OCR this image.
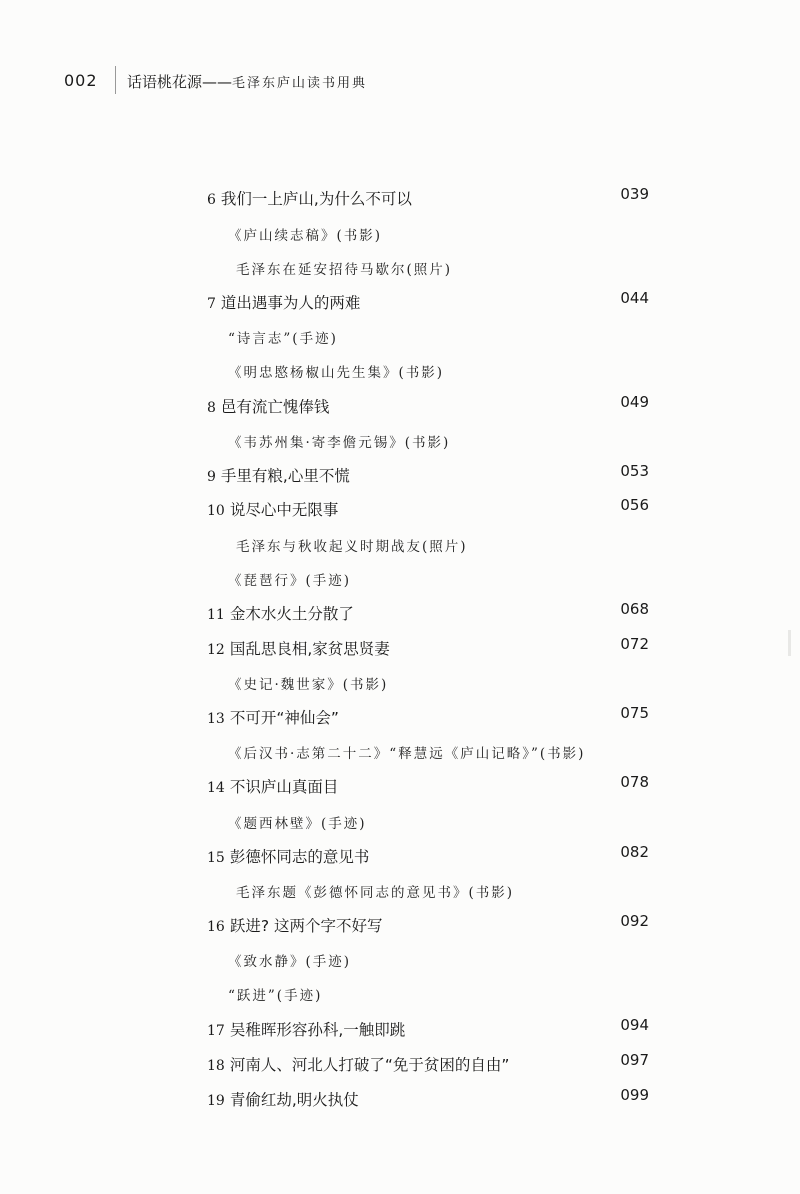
002 话语桃花源——毛泽东庐山读书用典
6 我们一上庐山,为什么不可以	039
《庐山续志稿》(书影)
毛泽东在延安招待马歇尔(照片)
7 道出遇事为人的两难	044
“诗言志”(手迹)
《明忠愍杨椒山先生集》(书影)
8 邑有流亡愧俸钱	049
《韦苏州集·寄李儋元锡》(书影)
9 手里有粮,心里不慌	053
10 说尽心中无限事	056
毛泽东与秋收起义时期战友(照片)
《琵琶行》(手迹)
11 金木水火土分散了	068
12 国乱思良相,家贫思贤妻	072
《史记·魏世家》(书影)
13 不可开“神仙会”	075
《后汉书·志第二十二》“释慧远《庐山记略》”(书影)
14 不识庐山真面目	078
《题西林壁》(手迹)
15 彭德怀同志的意见书	082
毛泽东题《彭德怀同志的意见书》(书影)
16 跃进? 这两个字不好写	092
《致水静》(手迹)
“跃进”(手迹)
17 吴稚晖形容孙科,一触即跳	094
18 河南人、河北人打破了“免于贫困的自由”	097
19 青偷红劫,明火执仗	099
